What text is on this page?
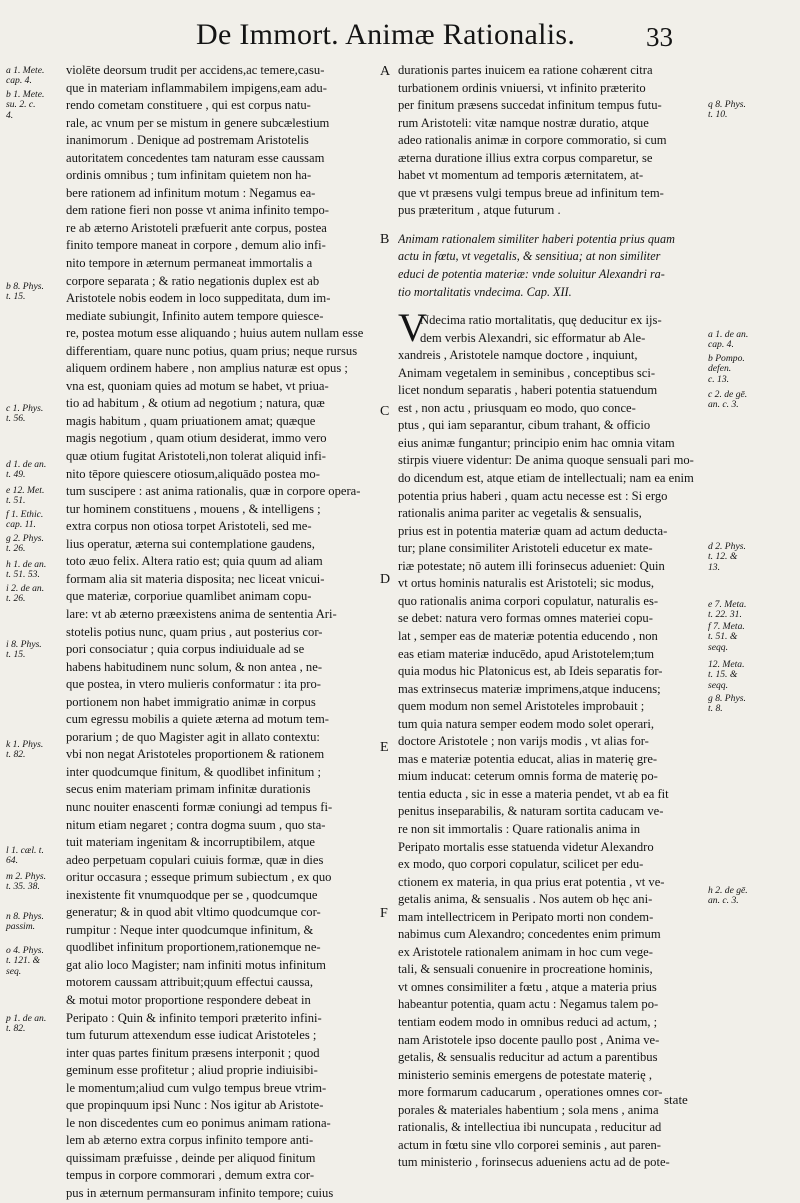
De Immort. Animæ Rationalis.	33
violēte deorsum trudit per accidens,ac temere,casu-
que in materiam inflammabilem impigens,eam adu-
rendo cometam constituere , qui est corpus natu-
rale, ac vnum per se mistum in genere subcælestium
inanimorum . Denique ad postremam Aristotelis
autoritatem concedentes tam naturam esse caussam
ordinis omnibus ; tum infinitam quietem non ha-
bere rationem ad infinitum motum : Negamus ea-
dem ratione fieri non posse vt anima infinito tempo-
re ab æterno Aristoteli præfuerit ante corpus, postea
finito tempore maneat in corpore , demum alio infi-
nito tempore in æternum permaneat immortalis a
corpore separata ; & ratio negationis duplex est ab
Aristotele nobis eodem in loco suppeditata, dum im-
mediate subiungit, Infinito autem tempore quiesce-
re, postea motum esse aliquando ; huius autem nullam esse
differentiam, quare nunc potius, quam prius; neque rursus
aliquem ordinem habere , non amplius naturæ est opus ;
vna est, quoniam quies ad motum se habet, vt priua-
tio ad habitum , & otium ad negotium ; natura, quæ
magis habitum , quam priuationem amat; quæque
magis negotium , quam otium desiderat, immo vero
quæ otium fugitat Aristoteli,non tolerat aliquid infi-
nito tēpore quiescere otiosum,aliquādo postea mo-
tum suscipere : ast anima rationalis, quæ in corpore opera-
tur hominem constituens , mouens , & intelligens ;
extra corpus non otiosa torpet Aristoteli, sed me-
lius operatur, æterna sui contemplatione gaudens,
toto æuo felix. Altera ratio est; quia quum ad aliam
formam alia sit materia disposita; nec liceat vnicui-
que materiæ, corporiue quamlibet animam copu-
lare: vt ab æterno præexistens anima de sententia Ari-
stotelis potius nunc, quam prius , aut posterius cor-
pori consociatur ; quia corpus indiuiduale ad se
habens habitudinem nunc solum, & non antea , ne-
que postea, in vtero mulieris conformatur : ita pro-
portionem non habet immigratio animæ in corpus
cum egressu mobilis a quiete æterna ad motum tem-
porarium ; de quo Magister agit in allato contextu:
vbi non negat Aristoteles proportionem & rationem
inter quodcumque finitum, & quodlibet infinitum ;
secus enim materiam primam infinitæ durationis
nunc nouiter enascenti formæ coniungi ad tempus fi-
nitum etiam negaret ; contra dogma suum , quo sta-
tuit materiam ingenitam & incorruptibilem, atque
adeo perpetuam copulari cuiuis formæ, quæ in dies
oritur occasura ; esseque primum subiectum , ex quo
inexistente fit vnumquodque per se , quodcumque
generatur; & in quod abit vltimo quodcumque cor-
rumpitur : Neque inter quodcumque infinitum, &
quodlibet infinitum proportionem,rationemque ne-
gat alio loco Magister; nam infiniti motus infinitum
motorem caussam attribuit;quum effectui caussa,
& motui motor proportione respondere debeat in
Peripato : Quin & infinito tempori præterito infini-
tum futurum attexendum esse iudicat Aristoteles ;
inter quas partes finitum præsens interponit ; quod
geminum esse profitetur ; aliud proprie indiuisibi-
le momentum;aliud cum vulgo tempus breue vtrim-
que propinquum ipsi Nunc : Nos igitur ab Aristote-
le non discedentes cum eo ponimus animam rationa-
lem ab æterno extra corpus infinito tempore anti-
quissimam præfuisse , deinde per aliquod finitum
tempus in corpore commorari , demum extra cor-
pus in æternum permansuram infinito tempore; cuius
durationis partes inuicem ea ratione cohærent citra
turbationem ordinis vniuersi, vt infinito præterito
per finitum præsens succedat infinitum tempus futu-
rum Aristoteli: vitæ namque nostræ duratio, atque
adeo rationalis animæ in corpore commoratio, si cum
æterna duratione illius extra corpus comparetur, se
habet vt momentum ad temporis æternitatem, at-
que vt præsens vulgi tempus breue ad infinitum tem-
pus præteritum , atque futurum .
Animam rationalem similiter haberi potentia prius quam
actu in fœtu, vt vegetalis, & sensitiua; at non similiter
educi de potentia materiæ: vnde soluitur Alexandri ra-
tio mortalitatis vndecima. Cap. XII.
Ndecima ratio mortalitatis, quę deducitur ex ijs-
dem verbis Alexandri, sic efformatur ab Ale-
xandreis , Aristotele namque doctore , inquiunt,
Animam vegetalem in seminibus , conceptibus sci-
licet nondum separatis , haberi potentia statuendum
est , non actu , priusquam eo modo, quo conce-
ptus , qui iam separantur, cibum trahant, & officio
eius animæ fungantur; principio enim hac omnia vitam
stirpis viuere videntur: De anima quoque sensuali pari mo-
do dicendum est, atque etiam de intellectuali; nam ea enim
potentia prius haberi , quam actu necesse est : Si ergo
rationalis anima pariter ac vegetalis & sensualis,
prius est in potentia materiæ quam ad actum deducta-
tur; plane consimiliter Aristoteli educetur ex mate-
riæ potestate; nō autem illi forinsecus adueniet: Quin
vt ortus hominis naturalis est Aristoteli; sic modus,
quo rationalis anima corpori copulatur, naturalis es-
se debet: natura vero formas omnes materiei copu-
lat , semper eas de materiæ potentia educendo , non
eas etiam materiæ inducēdo, apud Aristotelem;tum
quia modus hic Platonicus est, ab Ideis separatis for-
mas extrinsecus materiæ imprimens,atque inducens;
quem modum non semel Aristoteles improbauit ;
tum quia natura semper eodem modo solet operari,
doctore Aristotele ; non varijs modis , vt alias for-
mas e materiæ potentia educat, alias in materię gre-
mium inducat: ceterum omnis forma de materię po-
tentia educta , sic in esse a materia pendet, vt ab ea fit
penitus inseparabilis, & naturam sortita caducam ve-
re non sit immortalis : Quare rationalis anima in
Peripato mortalis esse statuenda videtur Alexandro
ex modo, quo corpori copulatur, scilicet per edu-
ctionem ex materia, in qua prius erat potentia , vt ve-
getalis anima, & sensualis . Nos autem ob hęc ani-
mam intellectricem in Peripato morti non condem-
nabimus cum Alexandro; concedentes enim primum
ex Aristotele rationalem animam in hoc cum vege-
tali, & sensuali conuenire in procreatione hominis,
vt omnes consimiliter a fœtu , atque a materia prius
habeantur potentia, quam actu : Negamus talem po-
tentiam eodem modo in omnibus reduci ad actum, ;
nam Aristotele ipso docente paullo post , Anima ve-
getalis, & sensualis reducitur ad actum a parentibus
ministerio seminis emergens de potestate materię ,
more formarum caducarum , operationes omnes cor-
porales & materiales habentium ; sola mens , anima
rationalis, & intellectiua ibi nuncupata , reducitur ad
actum in fœtu sine vllo corporei seminis , aut paren-
tum ministerio , forinsecus adueniens actu ad de pote-
V
A
B
C
D
E
F
a 1. Mete.
cap. 4.
b 1. Mete.
su. 2. c.
4.
b 8. Phys.
t. 15.
c 1. Phys.
t. 56.
d 1. de an.
t. 49.
e 12. Met.
t. 51.
f 1. Ethic.
cap. 11.
g 2. Phys.
t. 26.
h 1. de an.
t. 51. 53.
i 2. de an.
t. 26.
i 8. Phys.
t. 15.
k 1. Phys.
t. 82.
l 1. cæl. t.
64.
m 2. Phys.
t. 35. 38.
n 8. Phys.
passim.
o 4. Phys.
t. 121. &
seq.
p 1. de an.
t. 82.
q 8. Phys.
t. 10.
a 1. de an.
cap. 4.
b Pompo.
defen.
c. 13.
c 2. de gē.
an. c. 3.
d 2. Phys.
t. 12. &
13.
e 7. Meta.
t. 22. 31.
f 7. Meta.
t. 51. &
seqq.
12. Meta.
t. 15. &
seqq.
g 8. Phys.
t. 8.
h 2. de gē.
an. c. 3.
state
